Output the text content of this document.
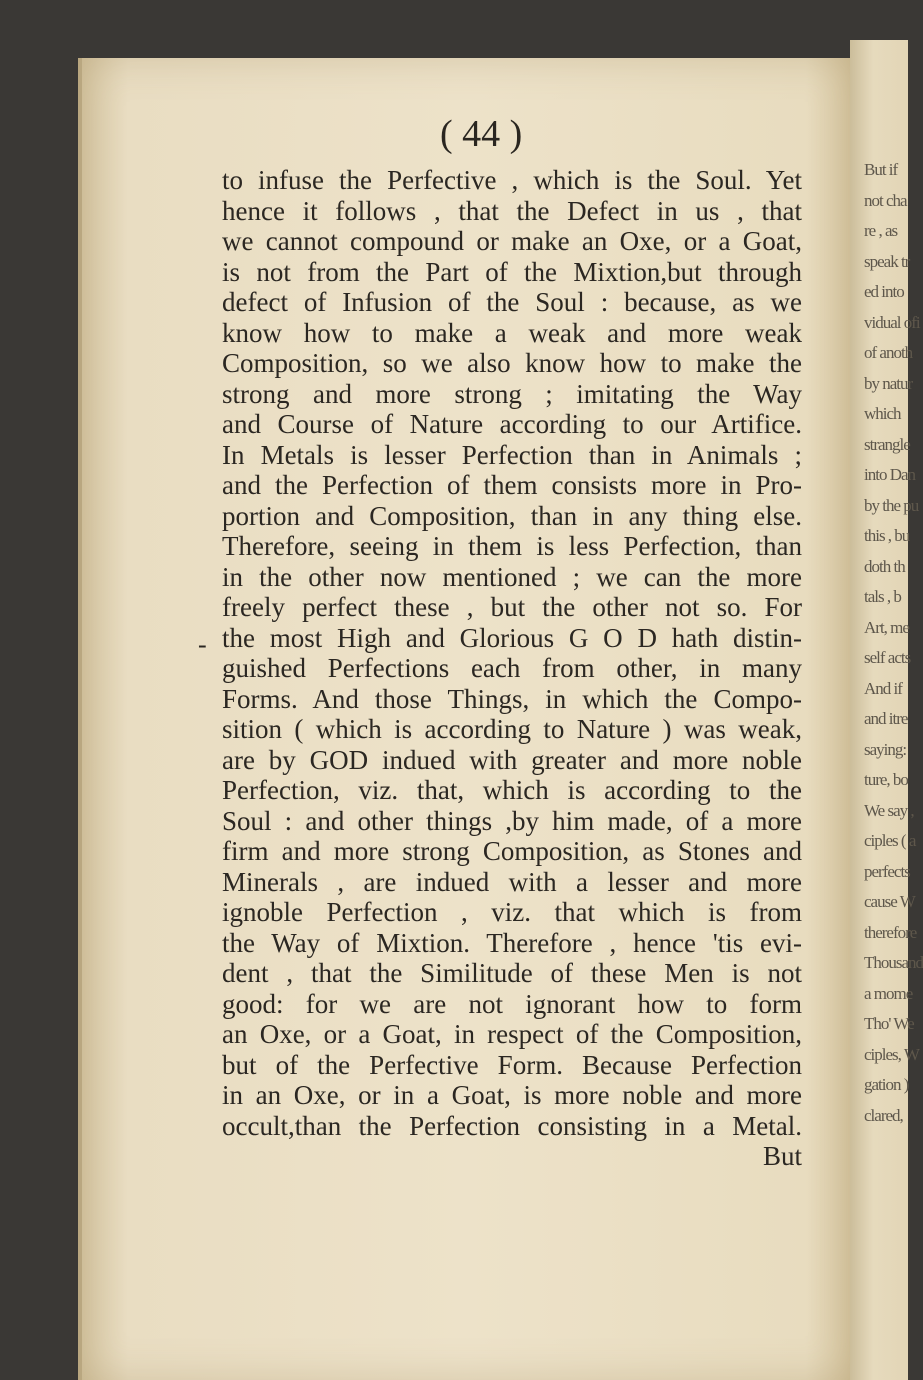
But if
not cha
re , as
speak tr
ed into
vidual ofi
of anoth
by natur
which
strangle
into Dan
by the pu
this , bu
doth th
tals , b
Art, me
self acts
And if
and itre
saying:
ture, bo
We say ,
ciples ( a
perfects
cause W
therefore
Thousand
a mome
Tho' We
ciples, W
gation )
clared,
( 44 )
-
to infuse the Perfective , which is the Soul. Yet
hence it follows , that the Defect in us , that
we cannot compound or make an Oxe, or a Goat,
is not from the Part of the Mixtion,but through
defect of Infusion of the Soul : because, as we
know how to make a weak and more weak
Composition, so we also know how to make the
strong and more strong ; imitating the Way
and Course of Nature according to our Artifice.
In Metals is lesser Perfection than in Animals ;
and the Perfection of them consists more in Pro-
portion and Composition, than in any thing else.
Therefore, seeing in them is less Perfection, than
in the other now mentioned ; we can the more
freely perfect these , but the other not so. For
the most High and Glorious G O D hath distin-
guished Perfections each from other, in many
Forms. And those Things, in which the Compo-
sition ( which is according to Nature ) was weak,
are by GOD indued with greater and more noble
Perfection, viz. that, which is according to the
Soul : and other things ,by him made, of a more
firm and more strong Composition, as Stones and
Minerals , are indued with a lesser and more
ignoble Perfection , viz. that which is from
the Way of Mixtion. Therefore , hence 'tis evi-
dent , that the Similitude of these Men is not
good: for we are not ignorant how to form
an Oxe, or a Goat, in respect of the Composition,
but of the Perfective Form. Because Perfection
in an Oxe, or in a Goat, is more noble and more
occult,than the Perfection consisting in a Metal.
But
